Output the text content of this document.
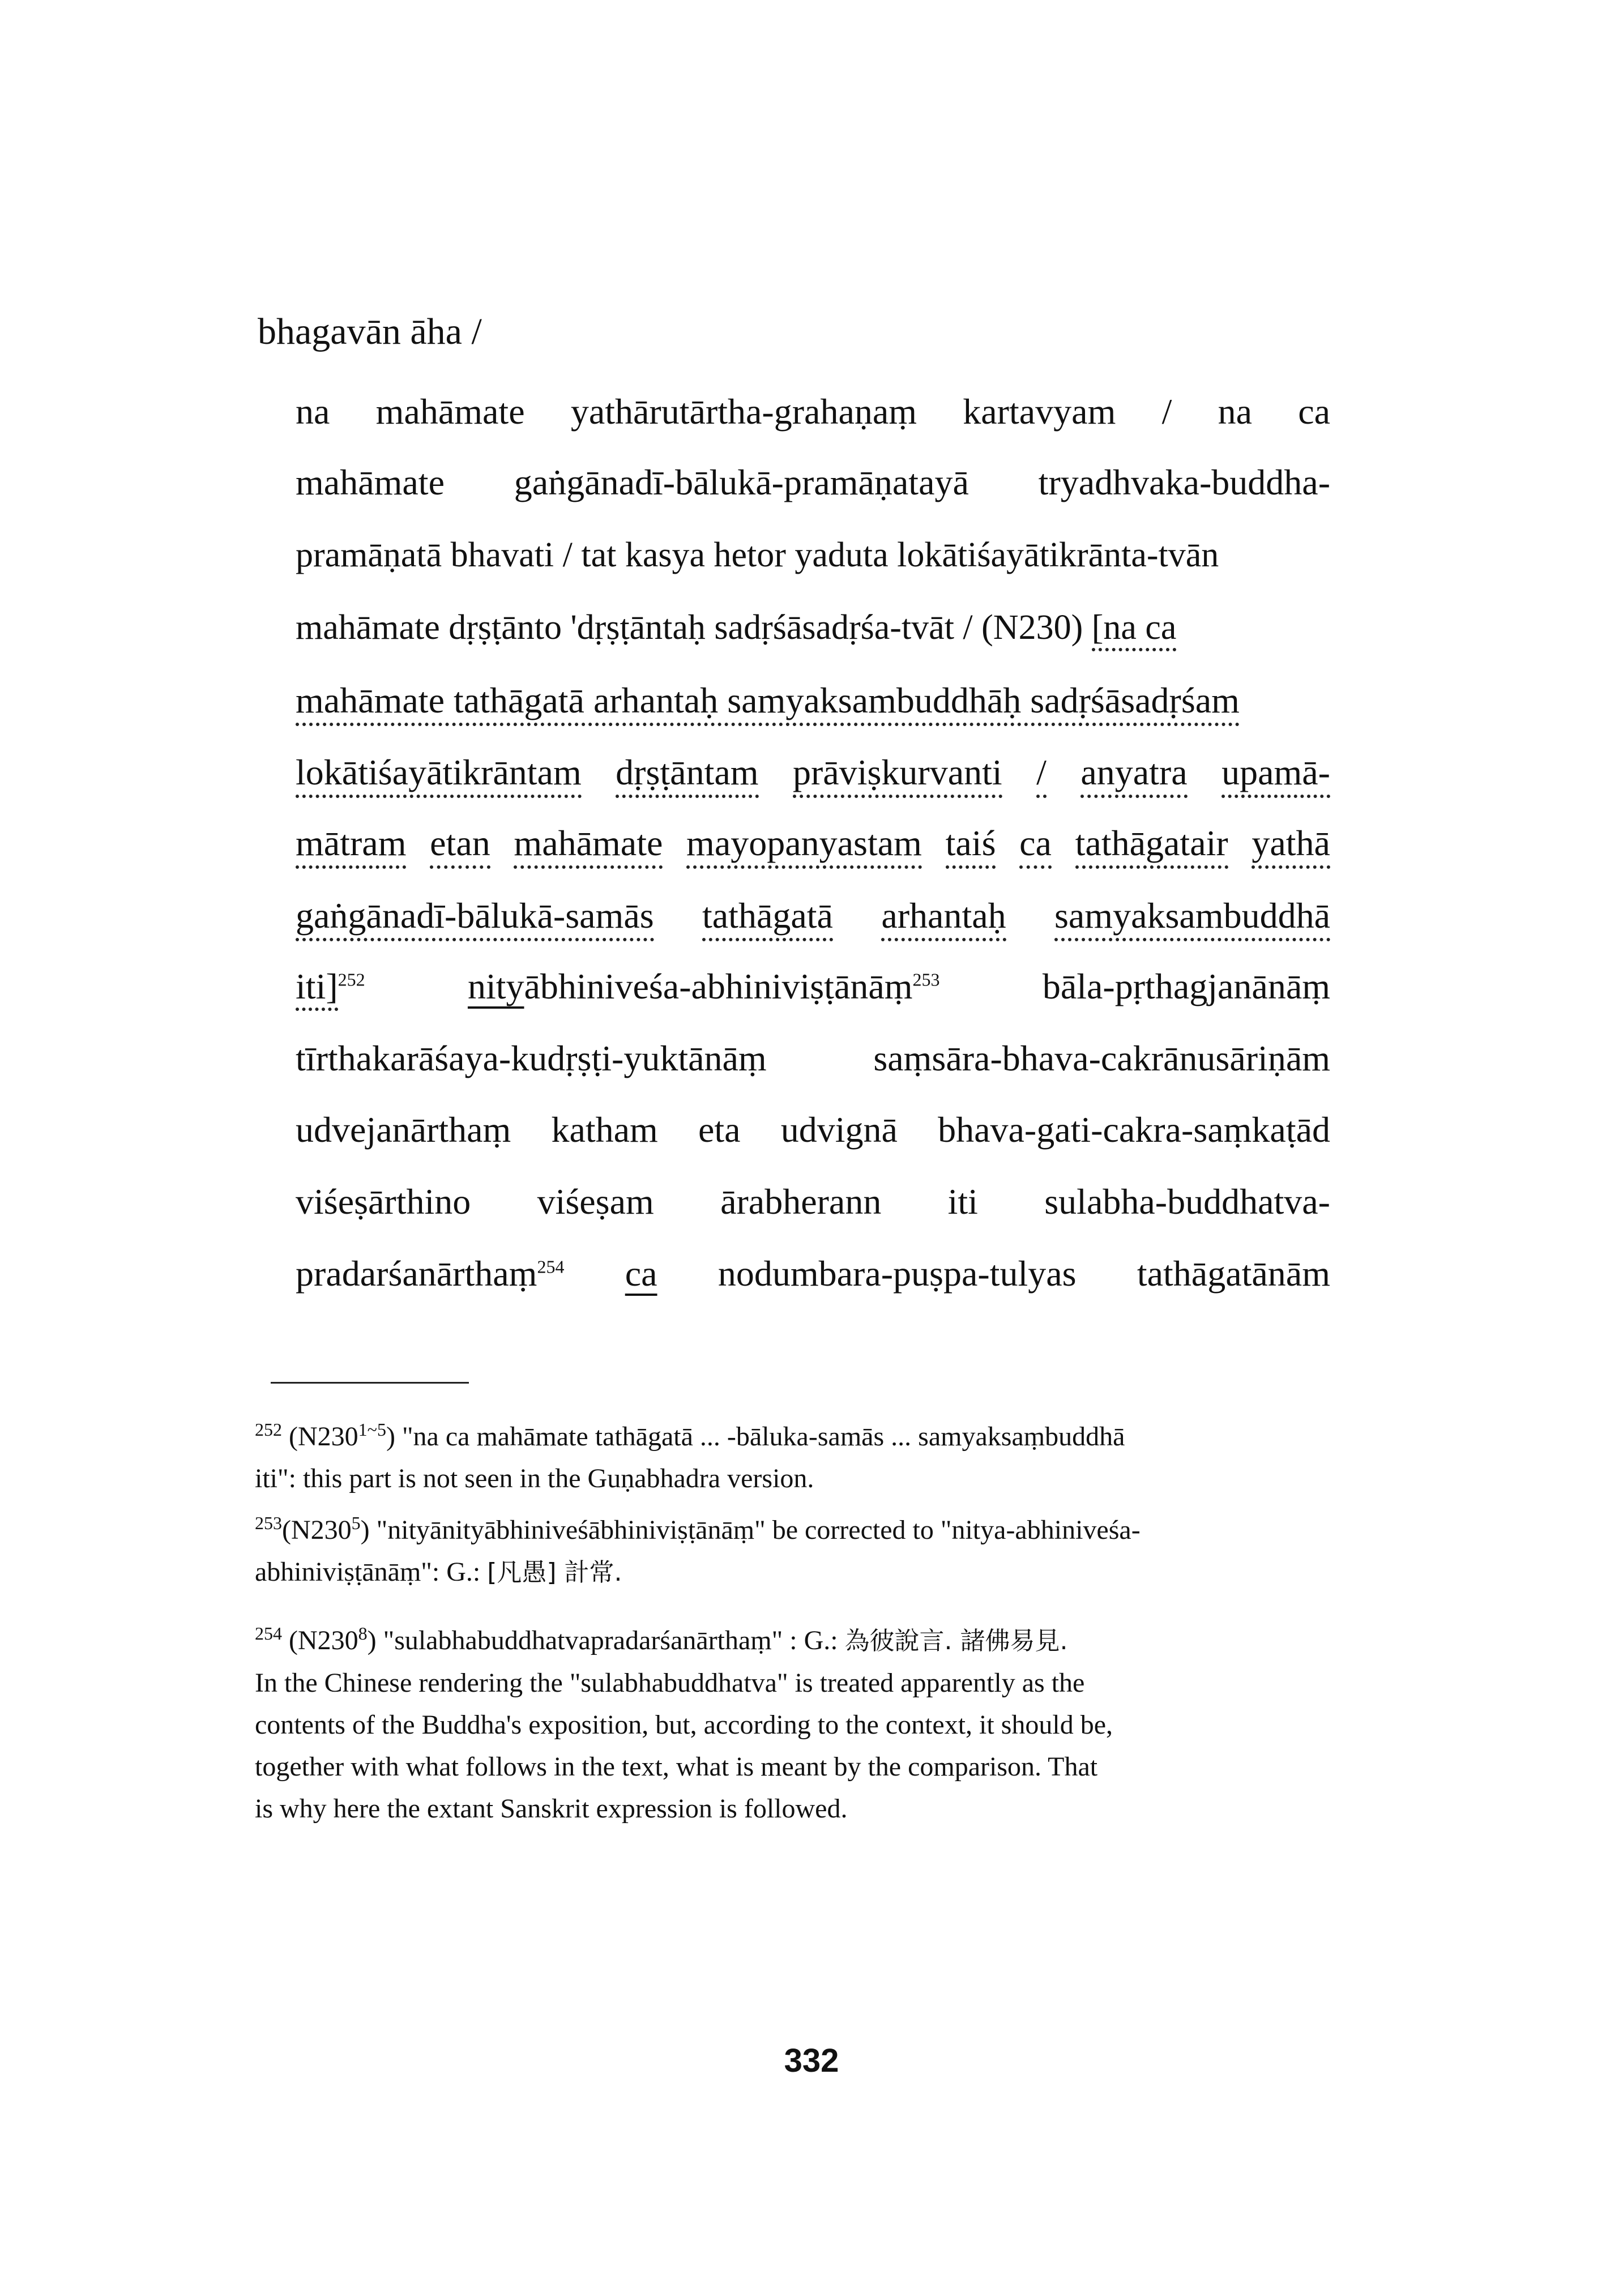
bhagavān āha /
na mahāmate yathārutārtha-grahaṇaṃ kartavyam / na ca
mahāmate gaṅgānadī-bālukā-pramāṇatayā tryadhvaka-buddha-
pramāṇatā bhavati / tat kasya hetor yaduta lokātiśayātikrānta-tvān
mahāmate dṛṣṭānto 'dṛṣṭāntaḥ sadṛśāsadṛśa-tvāt / (N230) [na ca
mahāmate tathāgatā arhantaḥ samyaksambuddhāḥ sadṛśāsadṛśam
lokātiśayātikrāntam dṛṣṭāntam prāviṣkurvanti / anyatra upamā-
mātram etan mahāmate mayopanyastam taiś ca tathāgatair yathā
gaṅgānadī-bālukā-samās tathāgatā arhantaḥ samyaksambuddhā
iti]$^{252}$	nityābhiniveśa-abhiniviṣṭānāṃ$^{253}$	bāla-pṛthagjanānāṃ
tīrthakarāśaya-kudṛṣṭi-yuktānāṃ	saṃsāra-bhava-cakrānusāriṇām
udvejanārthaṃ katham eta udvignā bhava-gati-cakra-saṃkaṭād
viśeṣārthino viśeṣam ārabherann iti sulabha-buddhatva-
pradarśanārthaṃ$^{254}$ ca nodumbara-puṣpa-tulyas tathāgatānām
$^{252}$ $(N230^{1\sim 5})$ "na ca mahāmate tathāgatā ... -bāluka-samās ... samyaksaṃbuddhā
iti": this part is not seen in the Guṇabhadra version.
$^{253}(N230^5)$ "nityānityābhiniveśābhiniviṣṭānāṃ" be corrected to "nitya-abhiniveśa-
abhiniviṣṭānāṃ": G.: [凡愚] 計常.
$^{254}$ $(N230^8)$ "sulabhabuddhatvapradarśanārthaṃ" : G.: 為彼說言. 諸佛易見.
In the Chinese rendering the "sulabhabuddhatva" is treated apparently as the
contents of the Buddha's exposition, but, according to the context, it should be,
together with what follows in the text, what is meant by the comparison. That
is why here the extant Sanskrit expression is followed.
332
